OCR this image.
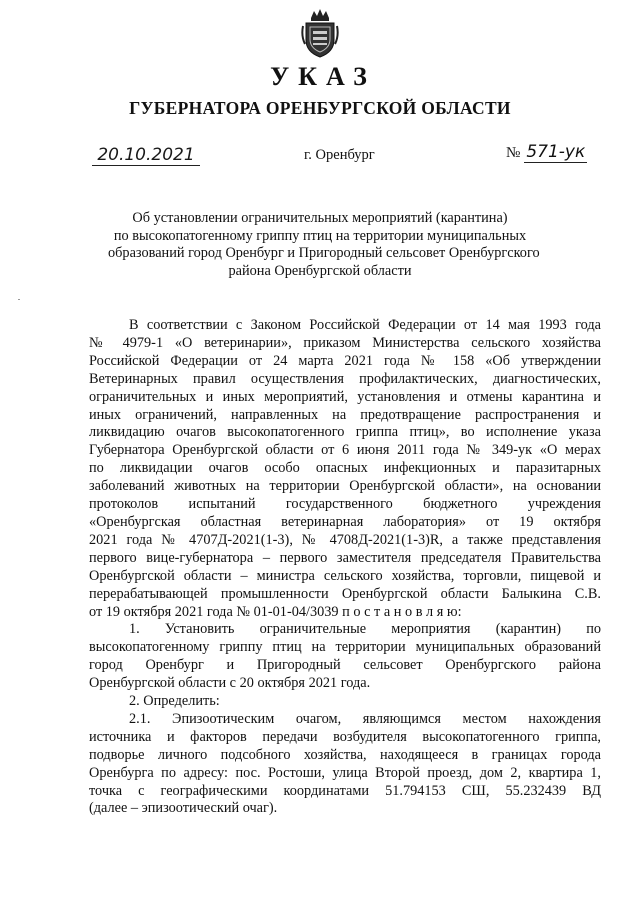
УКАЗ
ГУБЕРНАТОРА ОРЕНБУРГСКОЙ ОБЛАСТИ
20.10.2021	г. Оренбург	№ 571-ук
Об установлении ограничительных мероприятий (карантина)
по высокопатогенному гриппу птиц на территории муниципальных
образований город Оренбург и Пригородный сельсовет Оренбургского
района Оренбургской области
В соответствии с Законом Российской Федерации от 14 мая 1993 года
№ 4979-1 «О ветеринарии», приказом Министерства сельского хозяйства
Российской Федерации от 24 марта 2021 года № 158 «Об утверждении
Ветеринарных правил осуществления профилактических, диагностических,
ограничительных и иных мероприятий, установления и отмены карантина и
иных ограничений, направленных на предотвращение распространения и
ликвидацию очагов высокопатогенного гриппа птиц», во исполнение указа
Губернатора Оренбургской области от 6 июня 2011 года № 349-ук «О мерах
по ликвидации очагов особо опасных инфекционных и паразитарных
заболеваний животных на территории Оренбургской области», на основании
протоколов испытаний государственного бюджетного учреждения
«Оренбургская областная ветеринарная лаборатория» от 19 октября
2021 года № 4707Д-2021(1-3), № 4708Д-2021(1-3)R, а также представления
первого вице-губернатора – первого заместителя председателя Правительства
Оренбургской области – министра сельского хозяйства, торговли, пищевой и
перерабатывающей промышленности Оренбургской области Балыкина С.В.
от 19 октября 2021 года № 01-01-04/3039 п о с т а н о в л я ю:
1. Установить ограничительные мероприятия (карантин) по
высокопатогенному гриппу птиц на территории муниципальных образований
город Оренбург и Пригородный сельсовет Оренбургского района
Оренбургской области с 20 октября 2021 года.
2. Определить:
2.1. Эпизоотическим очагом, являющимся местом нахождения
источника и факторов передачи возбудителя высокопатогенного гриппа,
подворье личного подсобного хозяйства, находящееся в границах города
Оренбурга по адресу: пос. Ростоши, улица Второй проезд, дом 2, квартира 1,
точка с географическими координатами 51.794153 СШ, 55.232439 ВД
(далее – эпизоотический очаг).
